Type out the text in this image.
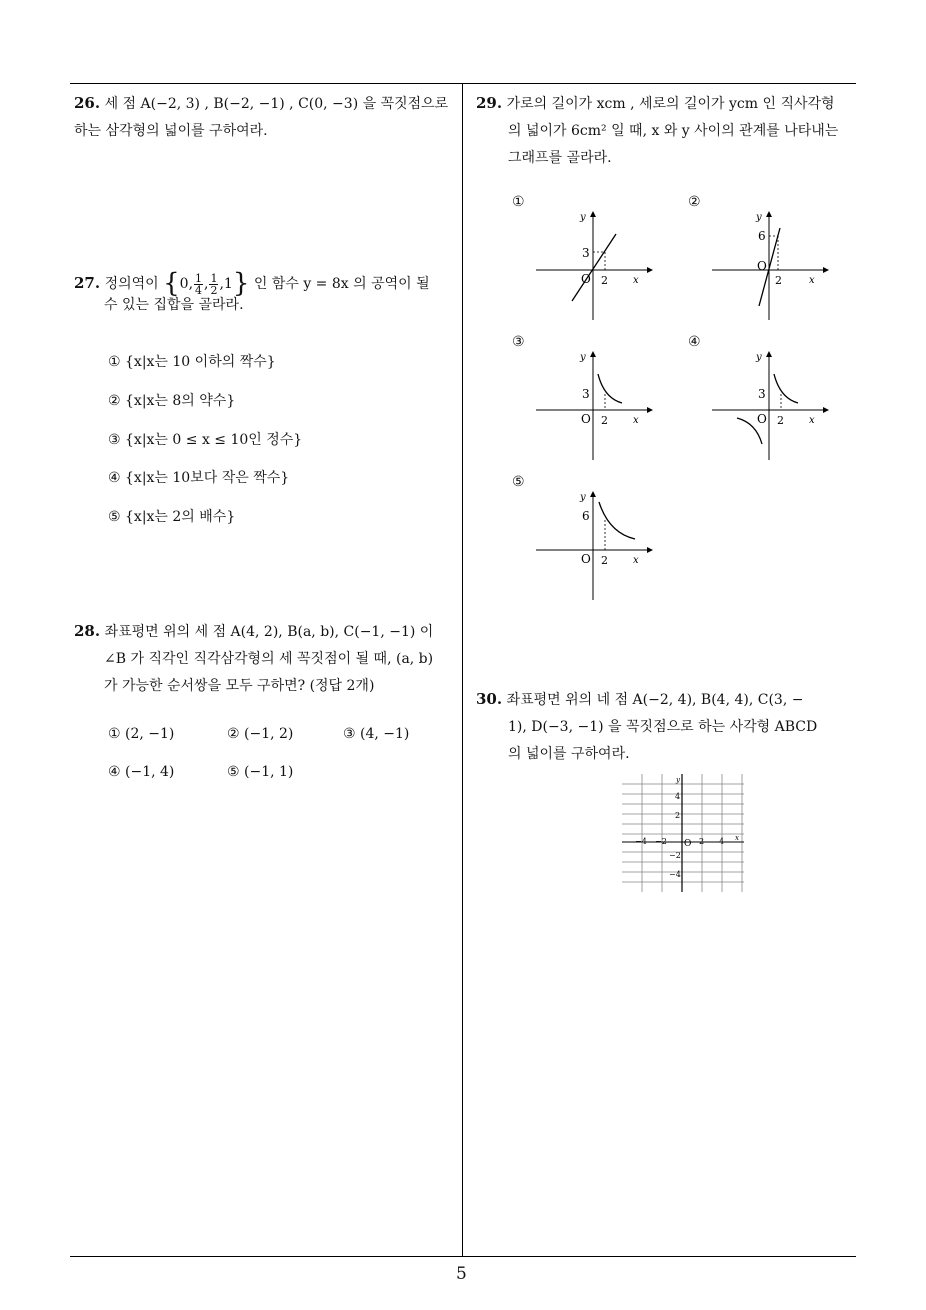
5
26. 세 점 A(−2, 3) , B(−2, −1) , C(0, −3) 을 꼭짓점으로 하는 삼각형의 넓이를 구하여라.
27. 정의역이 {0, $\frac{1}{4}$ , $\frac{1}{2} ,1$} 인 함수 y = 8x 의 공역이 될
수 있는 집합을 골라라.
① {x|x는 10 이하의 짝수}
② {x|x는 8의 약수}
③ {x|x는 0 ≤ x ≤ 10인 정수}
④ {x|x는 10보다 작은 짝수}
⑤ {x|x는 2의 배수}
28. 좌표평면 위의 세 점 A(4, 2), B(a, b), C(−1, −1) 이
∠B 가 직각인 직각삼각형의 세 꼭짓점이 될 때, (a, b)
가 가능한 순서쌍을 모두 구하면? (정답 2개)
① (2, −1)	② (−1, 2)	③ (4, −1)
④ (−1, 4)	⑤ (−1, 1)
29. 가로의 길이가 xcm , 세로의 길이가 ycm 인 직사각형
의 넓이가 6cm² 일 때, x 와 y 사이의 관계를 나타내는
그래프를 골라라.
①	②
③	④
⑤
y
x
3
O 2
y
x
6
O
2
y
x
3
O 2
y
x
3
O 2
y
x
6
O 2
30. 좌표평면 위의 네 점 A(−2, 4), B(4, 4), C(3, −
1), D(−3, −1) 을 꼭짓점으로 하는 사각형 ABCD
의 넓이를 구하여라.
y
x
4
2
−2
−4
O
−4 −2	2 4
